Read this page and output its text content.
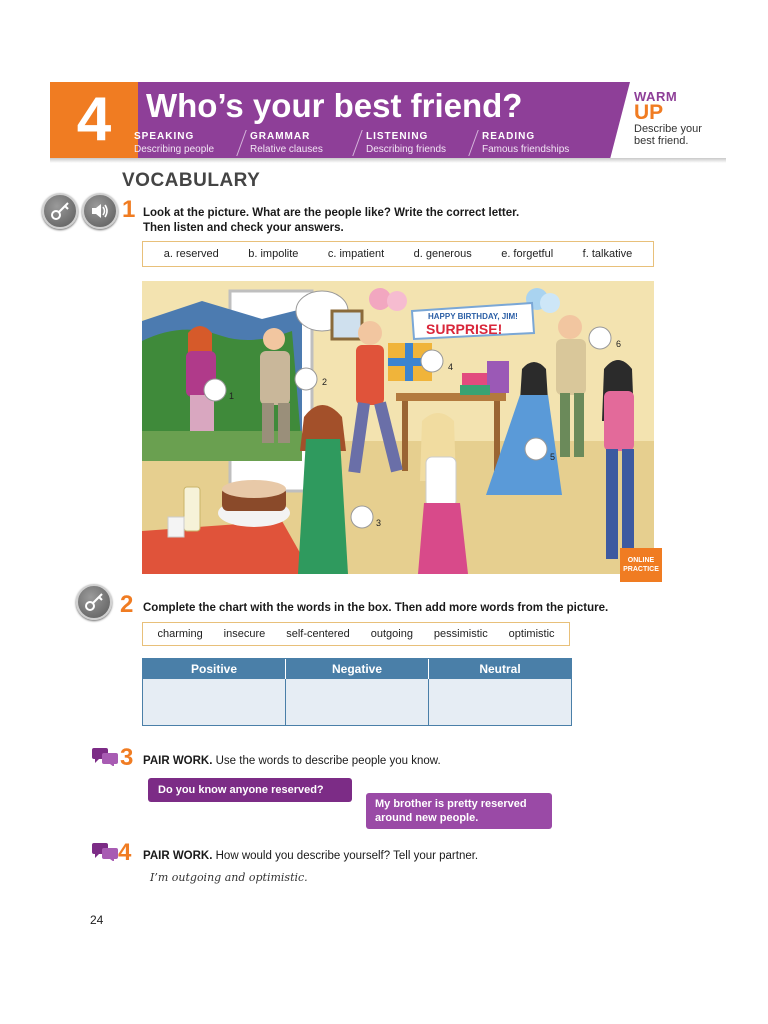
4	Who’s your best friend?
SPEAKING
Describing people
GRAMMAR
Relative clauses
LISTENING
Describing friends
READING
Famous friendships
WARM
UP
Describe your best friend.
VOCABULARY
1 Look at the picture. What are the people like? Write the correct letter.
Then listen and check your answers.
a. reserved	b. impolite	c. impatient	d. generous	e. forgetful	f. talkative
HAPPY BIRTHDAY, JIM!
SURPRISE!
1
2
3
4
5
6
ONLINE
PRACTICE
2 Complete the chart with the words in the box. Then add more words from the picture.
charming insecure self-centered outgoing pessimistic optimistic
Positive	Negative	Neutral
3 PAIR WORK. Use the words to describe people you know.
Do you know anyone reserved?
My brother is pretty reserved
around new people.
4 PAIR WORK. How would you describe yourself? Tell your partner.
I’m outgoing and optimistic.
24
